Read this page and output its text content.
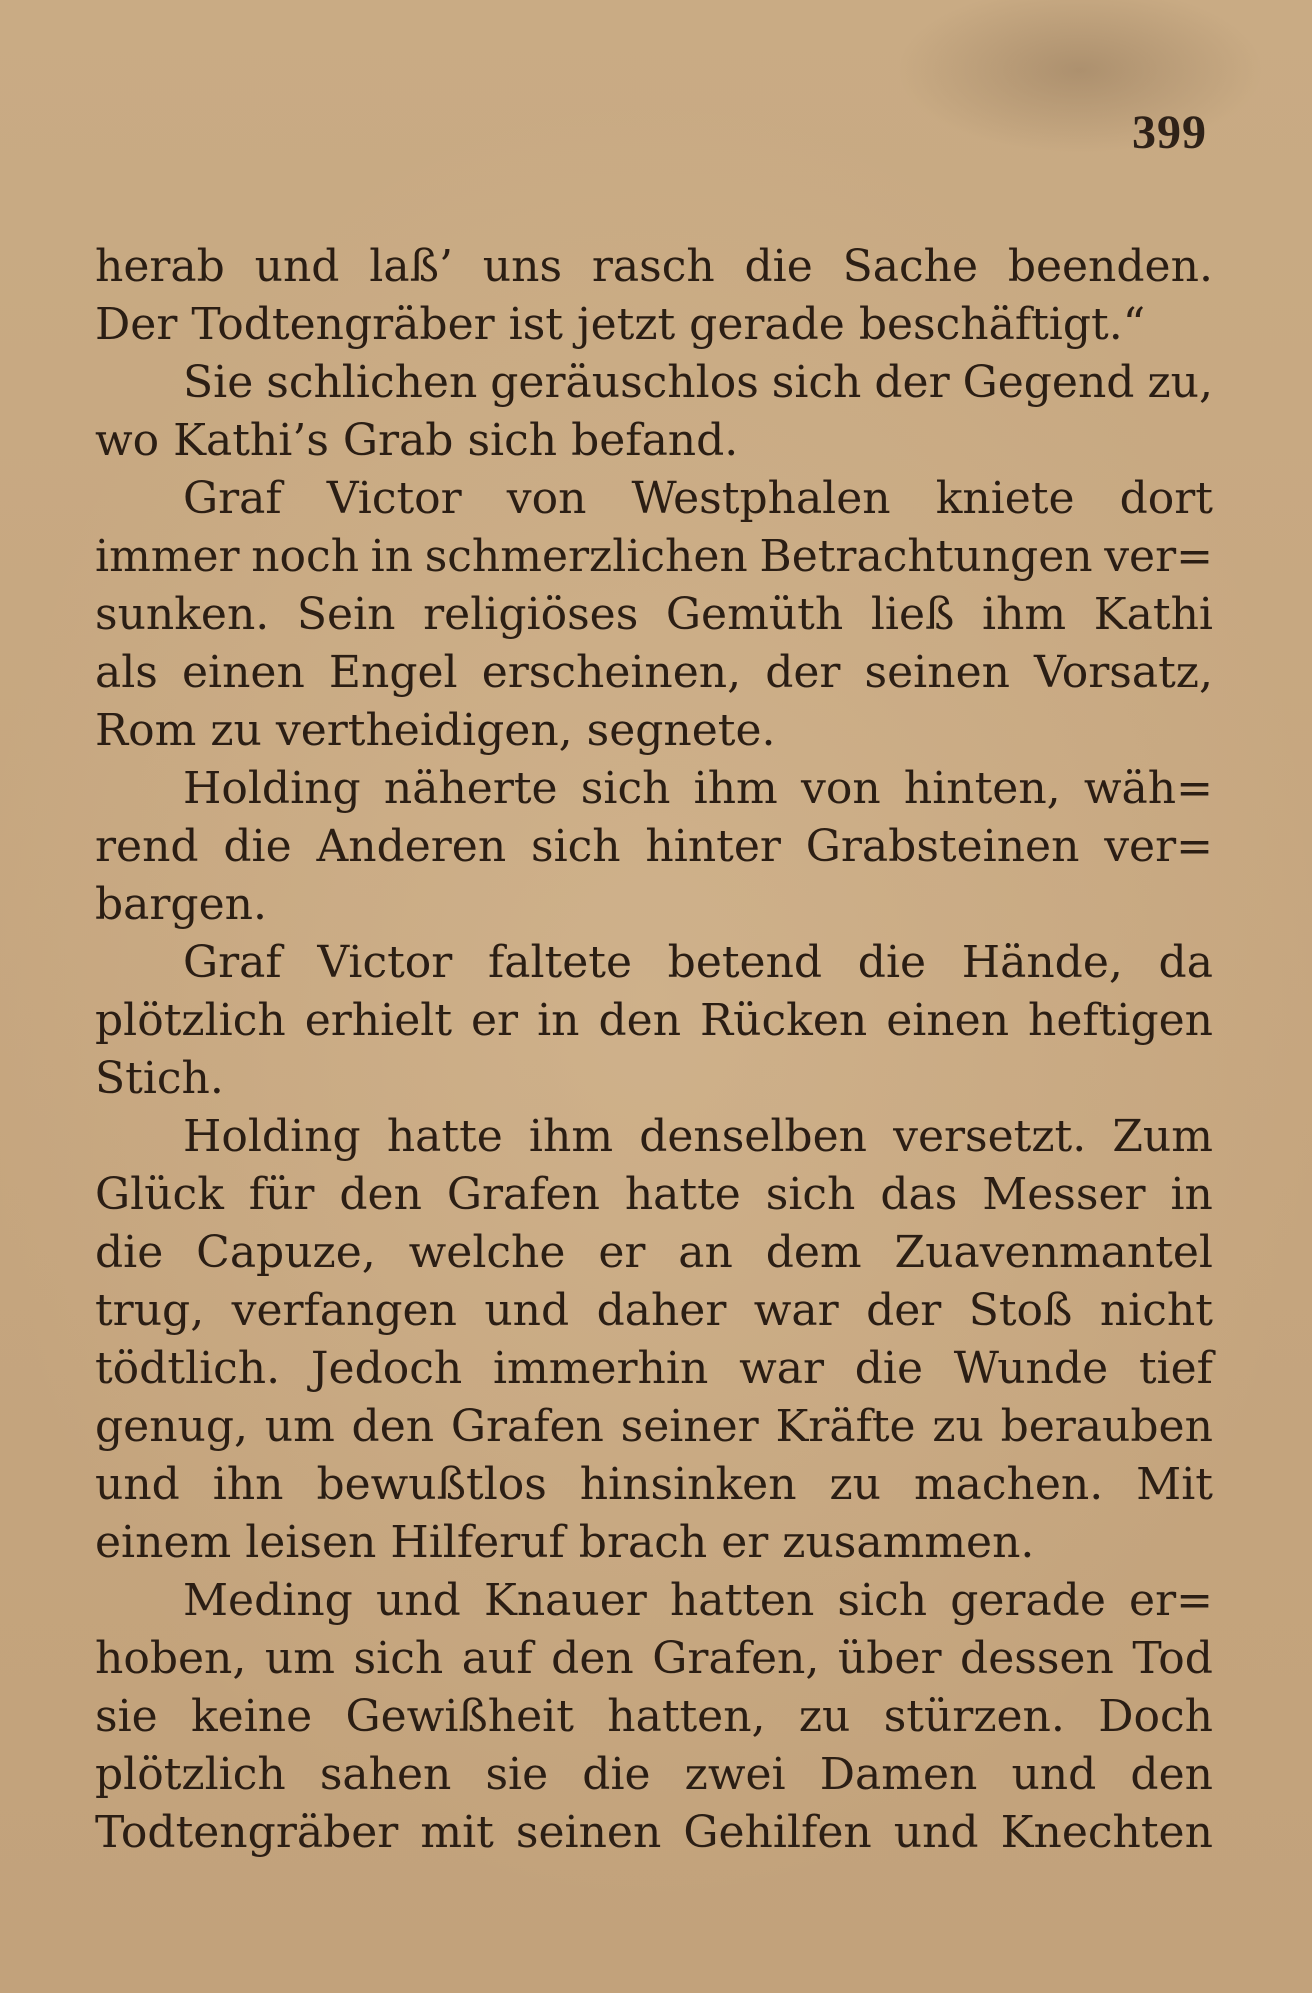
399
herab und laß’ uns rasch die Sache beenden.
Der Todtengräber ist jetzt gerade beschäftigt.“
Sie schlichen geräuschlos sich der Gegend zu,
wo Kathi’s Grab sich befand.
Graf Victor von Westphalen kniete dort
immer noch in schmerzlichen Betrachtungen ver=
sunken. Sein religiöses Gemüth ließ ihm Kathi
als einen Engel erscheinen, der seinen Vorsatz,
Rom zu vertheidigen, segnete.
Holding näherte sich ihm von hinten, wäh=
rend die Anderen sich hinter Grabsteinen ver=
bargen.
Graf Victor faltete betend die Hände, da
plötzlich erhielt er in den Rücken einen heftigen
Stich.
Holding hatte ihm denselben versetzt. Zum
Glück für den Grafen hatte sich das Messer in
die Capuze, welche er an dem Zuavenmantel
trug, verfangen und daher war der Stoß nicht
tödtlich. Jedoch immerhin war die Wunde tief
genug, um den Grafen seiner Kräfte zu berauben
und ihn bewußtlos hinsinken zu machen. Mit
einem leisen Hilferuf brach er zusammen.
Meding und Knauer hatten sich gerade er=
hoben, um sich auf den Grafen, über dessen Tod
sie keine Gewißheit hatten, zu stürzen. Doch
plötzlich sahen sie die zwei Damen und den
Todtengräber mit seinen Gehilfen und Knechten
